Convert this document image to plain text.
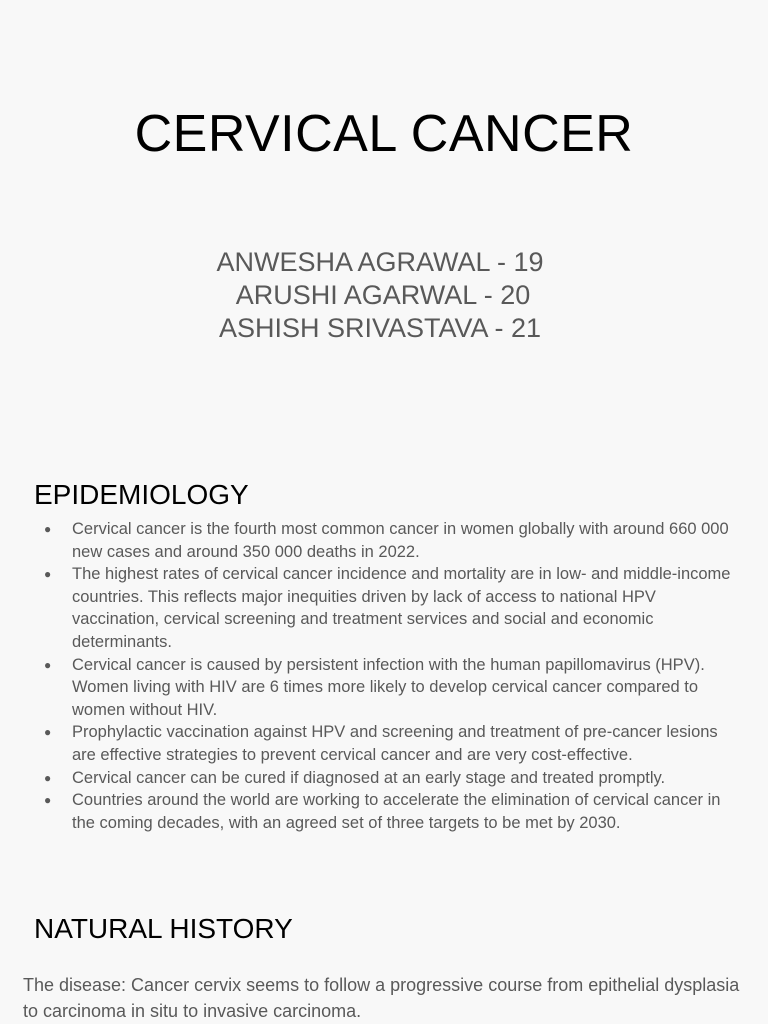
CERVICAL CANCER
ANWESHA AGRAWAL - 19
ARUSHI AGARWAL - 20
ASHISH SRIVASTAVA - 21
EPIDEMIOLOGY
● Cervical cancer is the fourth most common cancer in women globally with around 660 000 new cases and around 350 000 deaths in 2022.
● The highest rates of cervical cancer incidence and mortality are in low- and middle-income countries. This reflects major inequities driven by lack of access to national HPV vaccination, cervical screening and treatment services and social and economic determinants.
● Cervical cancer is caused by persistent infection with the human papillomavirus (HPV). Women living with HIV are 6 times more likely to develop cervical cancer compared to women without HIV.
● Prophylactic vaccination against HPV and screening and treatment of pre-cancer lesions are effective strategies to prevent cervical cancer and are very cost-effective.
● Cervical cancer can be cured if diagnosed at an early stage and treated promptly.
● Countries around the world are working to accelerate the elimination of cervical cancer in the coming decades, with an agreed set of three targets to be met by 2030.
NATURAL HISTORY

The disease: Cancer cervix seems to follow a progressive course from epithelial dysplasia to carcinoma in situ to invasive carcinoma.
